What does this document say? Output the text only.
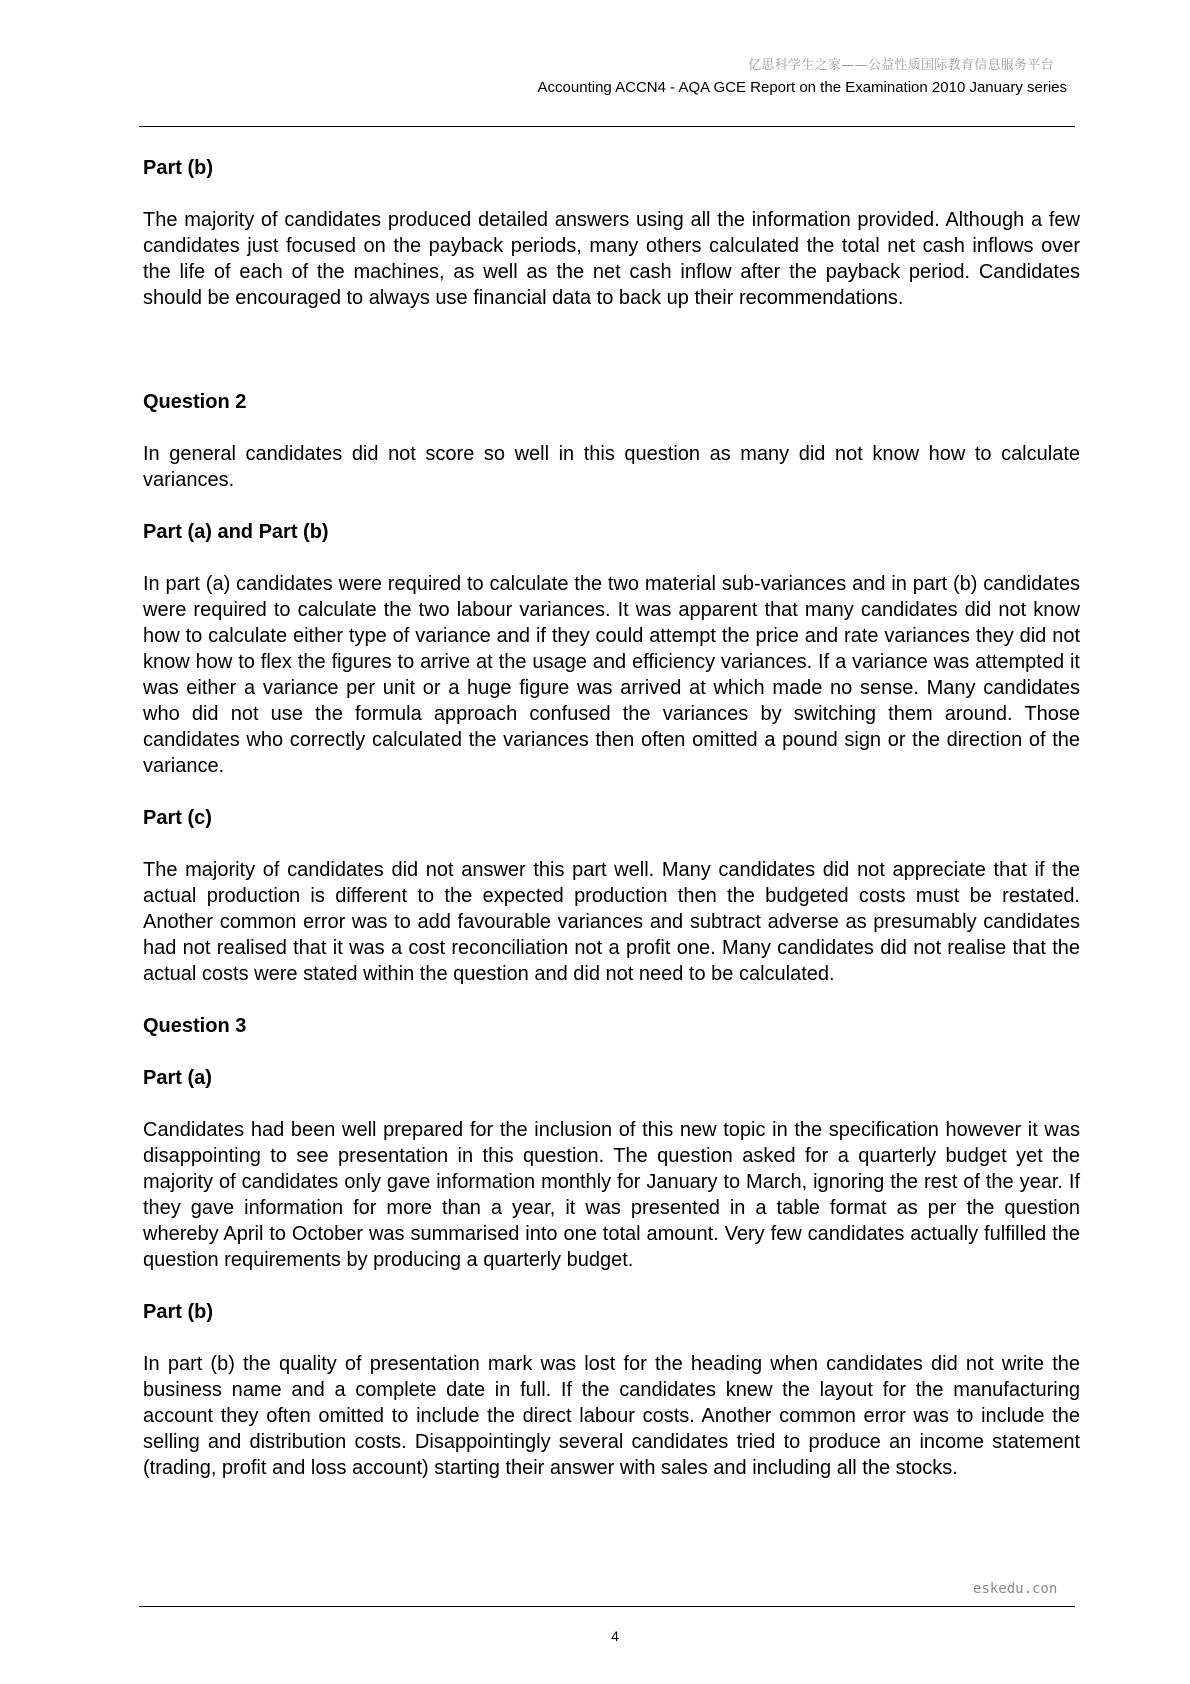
亿思科学生之家——公益性质国际教育信息服务平台
Accounting ACCN4 - AQA GCE Report on the Examination 2010 January series
Part (b)

The majority of candidates produced detailed answers using all the information provided. Although a few candidates just focused on the payback periods, many others calculated the total net cash inflows over the life of each of the machines, as well as the net cash inflow after the payback period. Candidates should be encouraged to always use financial data to back up their recommendations.

Question 2

In general candidates did not score so well in this question as many did not know how to calculate variances.

Part (a) and Part (b)

In part (a) candidates were required to calculate the two material sub-variances and in part (b) candidates were required to calculate the two labour variances. It was apparent that many candidates did not know how to calculate either type of variance and if they could attempt the price and rate variances they did not know how to flex the figures to arrive at the usage and efficiency variances. If a variance was attempted it was either a variance per unit or a huge figure was arrived at which made no sense. Many candidates who did not use the formula approach confused the variances by switching them around. Those candidates who correctly calculated the variances then often omitted a pound sign or the direction of the variance.

Part (c)

The majority of candidates did not answer this part well. Many candidates did not appreciate that if the actual production is different to the expected production then the budgeted costs must be restated. Another common error was to add favourable variances and subtract adverse as presumably candidates had not realised that it was a cost reconciliation not a profit one. Many candidates did not realise that the actual costs were stated within the question and did not need to be calculated.

Question 3
Part (a)

Candidates had been well prepared for the inclusion of this new topic in the specification however it was disappointing to see presentation in this question. The question asked for a quarterly budget yet the majority of candidates only gave information monthly for January to March, ignoring the rest of the year. If they gave information for more than a year, it was presented in a table format as per the question whereby April to October was summarised into one total amount. Very few candidates actually fulfilled the question requirements by producing a quarterly budget.

Part (b)

In part (b) the quality of presentation mark was lost for the heading when candidates did not write the business name and a complete date in full. If the candidates knew the layout for the manufacturing account they often omitted to include the direct labour costs. Another common error was to include the selling and distribution costs. Disappointingly several candidates tried to produce an income statement (trading, profit and loss account) starting their answer with sales and including all the stocks.

eskedu.con
4
